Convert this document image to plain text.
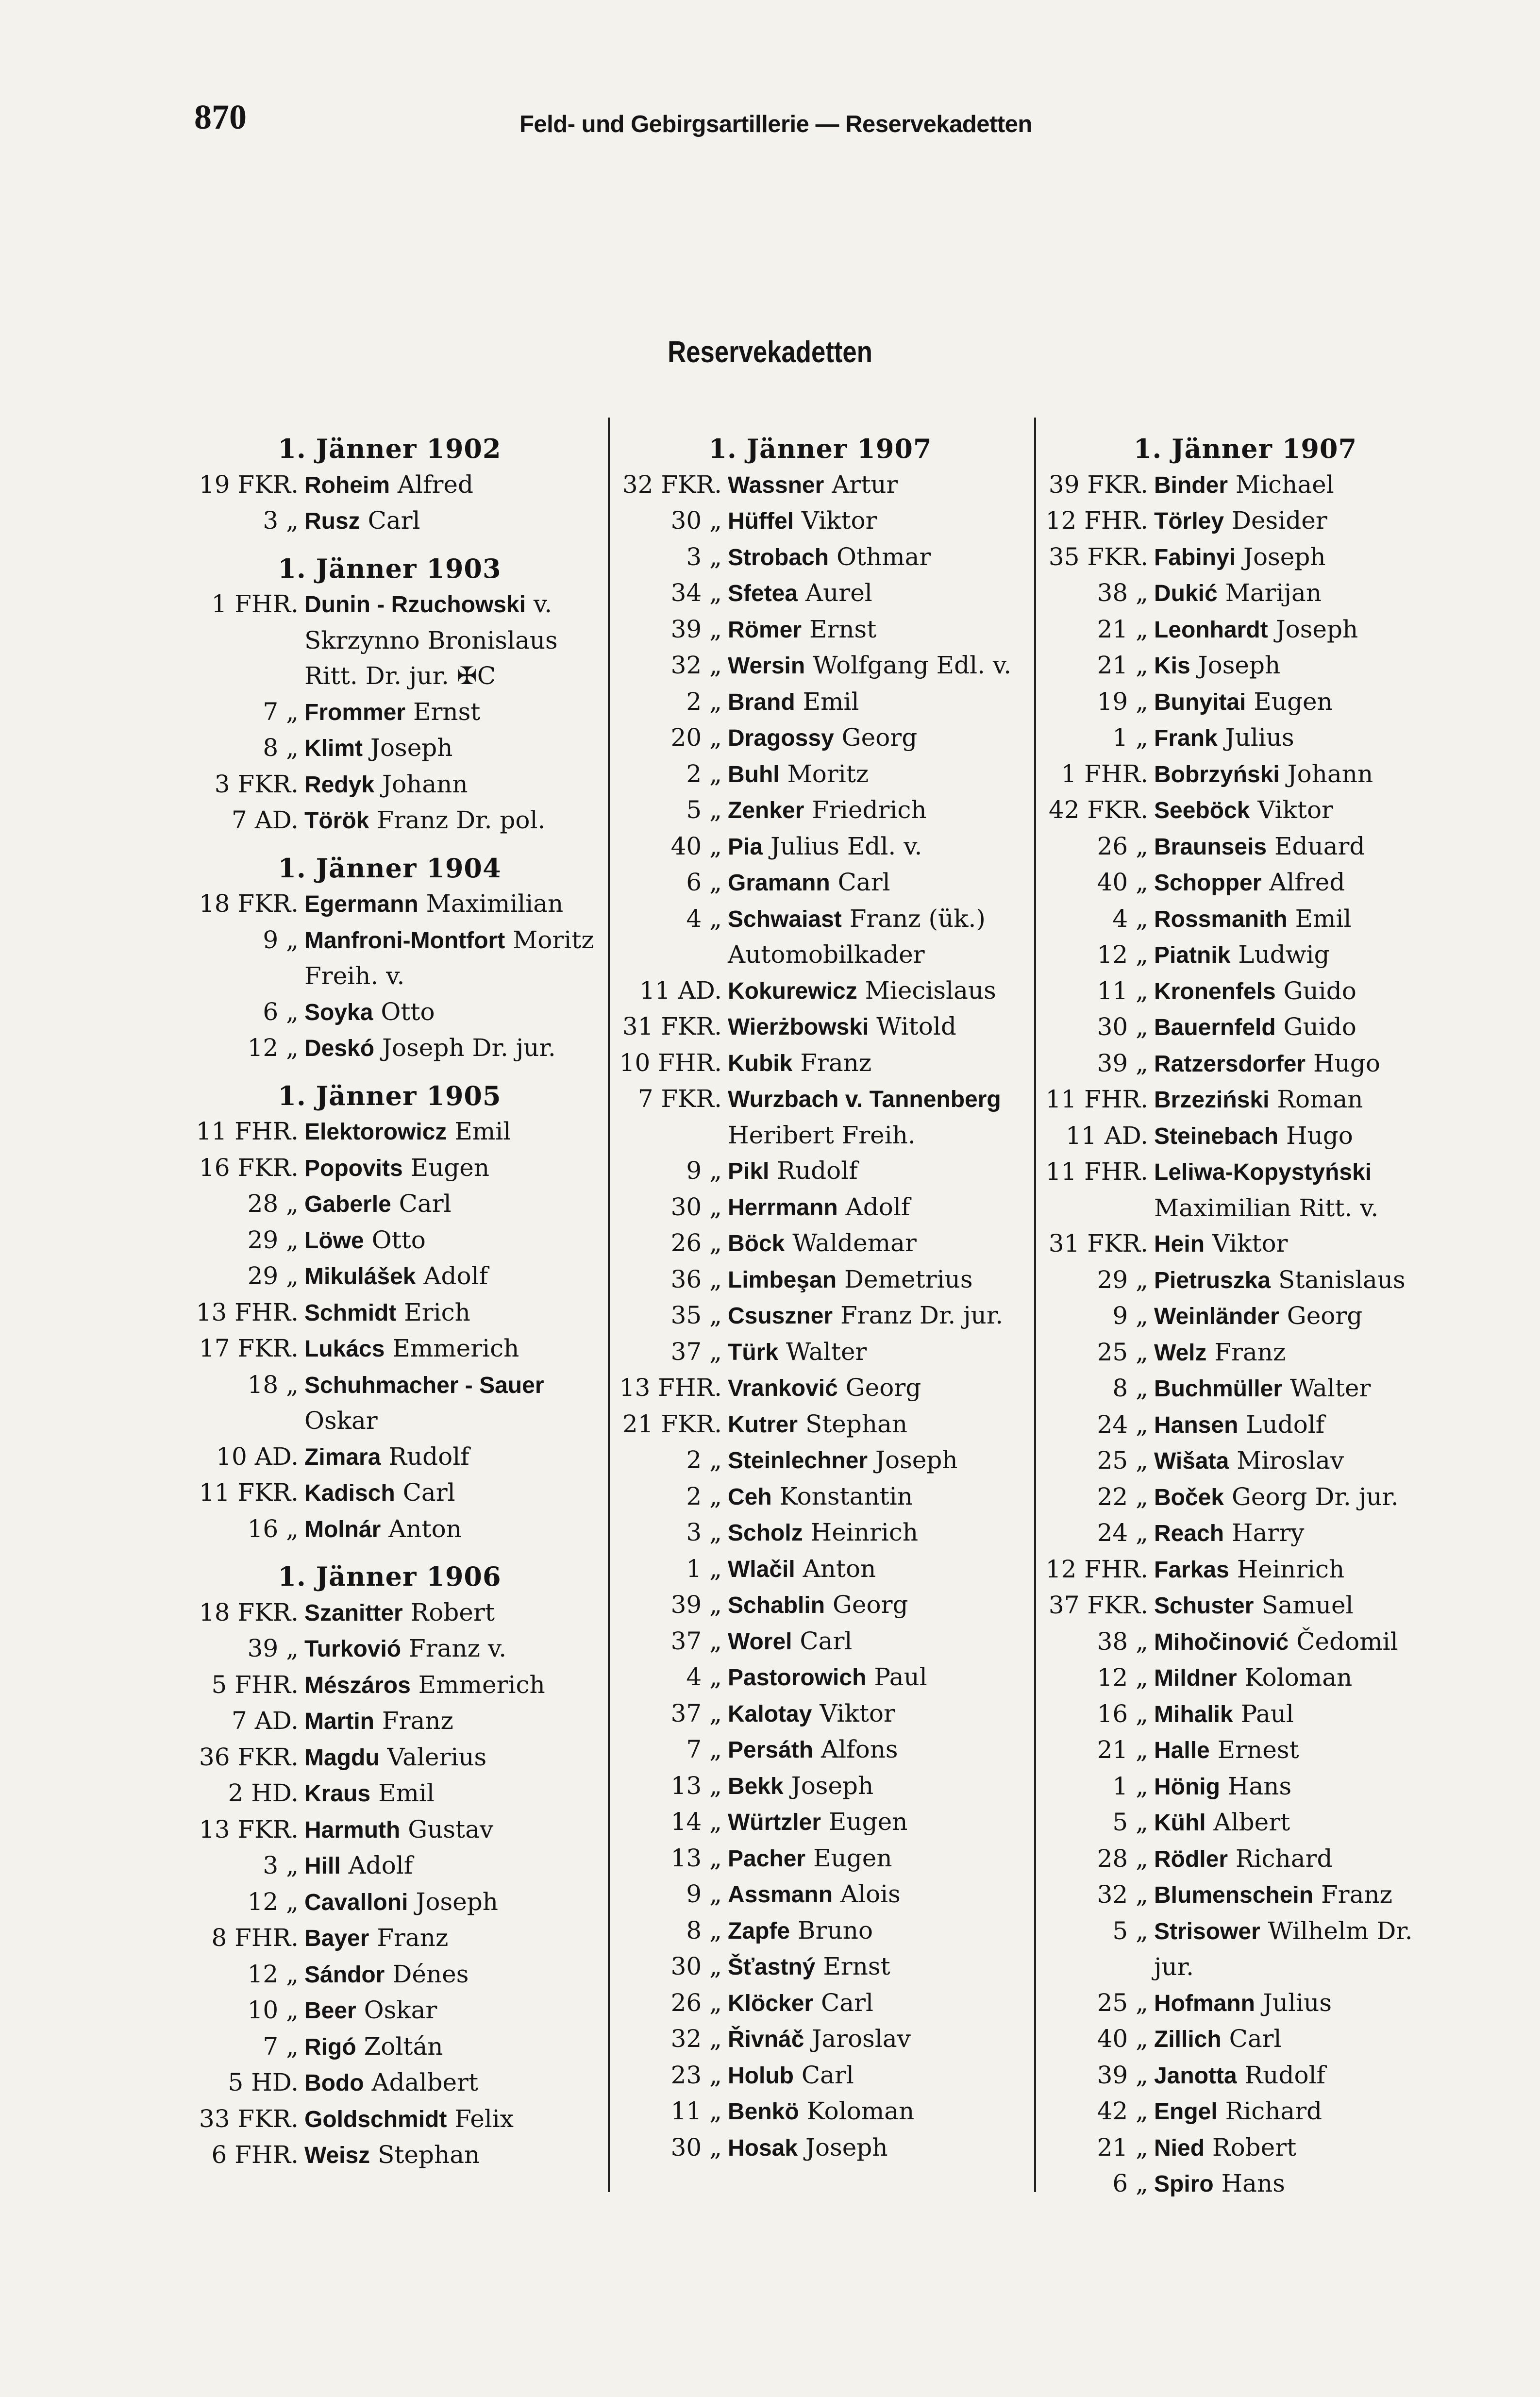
870	Feld- und Gebirgsartillerie — Reservekadetten
Reservekadetten
1. Jänner 1902
19 FKR. Roheim Alfred
3 „ Rusz Carl
1. Jänner 1903
1 FHR. Dunin - Rzuchowski v. Skrzynno Bronislaus Ritt. Dr. jur. ✠C
7 „ Frommer Ernst
8 „ Klimt Joseph
3 FKR. Redyk Johann
7 AD. Török Franz Dr. pol.
1. Jänner 1904
18 FKR. Egermann Maximilian
9 „ Manfroni-Montfort Moritz Freih. v.
6 „ Soyka Otto
12 „ Deskó Joseph Dr. jur.
1. Jänner 1905
11 FHR. Elektorowicz Emil
16 FKR. Popovits Eugen
28 „ Gaberle Carl
29 „ Löwe Otto
29 „ Mikulášek Adolf
13 FHR. Schmidt Erich
17 FKR. Lukács Emmerich
18 „ Schuhmacher - Sauer Oskar
10 AD. Zimara Rudolf
11 FKR. Kadisch Carl
16 „ Molnár Anton
1. Jänner 1906
18 FKR. Szanitter Robert
39 „ Turkovió Franz v.
5 FHR. Mészáros Emmerich
7 AD. Martin Franz
36 FKR. Magdu Valerius
2 HD. Kraus Emil
13 FKR. Harmuth Gustav
3 „ Hill Adolf
12 „ Cavalloni Joseph
8 FHR. Bayer Franz
12 „ Sándor Dénes
10 „ Beer Oskar
7 „ Rigó Zoltán
5 HD. Bodo Adalbert
33 FKR. Goldschmidt Felix
6 FHR. Weisz Stephan
1. Jänner 1907
32 FKR. Wassner Artur
30 „ Hüffel Viktor
3 „ Strobach Othmar
34 „ Sfetea Aurel
39 „ Römer Ernst
32 „ Wersin Wolfgang Edl. v.
2 „ Brand Emil
20 „ Dragossy Georg
2 „ Buhl Moritz
5 „ Zenker Friedrich
40 „ Pia Julius Edl. v.
6 „ Gramann Carl
4 „ Schwaiast Franz (ük.) Automobilkader
11 AD. Kokurewicz Miecislaus
31 FKR. Wierżbowski Witold
10 FHR. Kubik Franz
7 FKR. Wurzbach v. Tannenberg Heribert Freih.
9 „ Pikl Rudolf
30 „ Herrmann Adolf
26 „ Böck Waldemar
36 „ Limbeşan Demetrius
35 „ Csuszner Franz Dr. jur.
37 „ Türk Walter
13 FHR. Vranković Georg
21 FKR. Kutrer Stephan
2 „ Steinlechner Joseph
2 „ Ceh Konstantin
3 „ Scholz Heinrich
1 „ Wlačil Anton
39 „ Schablin Georg
37 „ Worel Carl
4 „ Pastorowich Paul
37 „ Kalotay Viktor
7 „ Persáth Alfons
13 „ Bekk Joseph
14 „ Würtzler Eugen
13 „ Pacher Eugen
9 „ Assmann Alois
8 „ Zapfe Bruno
30 „ Šťastný Ernst
26 „ Klöcker Carl
32 „ Řivnáč Jaroslav
23 „ Holub Carl
11 „ Benkö Koloman
30 „ Hosak Joseph
1. Jänner 1907
39 FKR. Binder Michael
12 FHR. Törley Desider
35 FKR. Fabinyi Joseph
38 „ Dukić Marijan
21 „ Leonhardt Joseph
21 „ Kis Joseph
19 „ Bunyitai Eugen
1 „ Frank Julius
1 FHR. Bobrzyński Johann
42 FKR. Seeböck Viktor
26 „ Braunseis Eduard
40 „ Schopper Alfred
4 „ Rossmanith Emil
12 „ Piatnik Ludwig
11 „ Kronenfels Guido
30 „ Bauernfeld Guido
39 „ Ratzersdorfer Hugo
11 FHR. Brzeziński Roman
11 AD. Steinebach Hugo
11 FHR. Leliwa-Kopystyński Maximilian Ritt. v.
31 FKR. Hein Viktor
29 „ Pietruszka Stanislaus
9 „ Weinländer Georg
25 „ Welz Franz
8 „ Buchmüller Walter
24 „ Hansen Ludolf
25 „ Wišata Miroslav
22 „ Boček Georg Dr. jur.
24 „ Reach Harry
12 FHR. Farkas Heinrich
37 FKR. Schuster Samuel
38 „ Mihočinović Čedomil
12 „ Mildner Koloman
16 „ Mihalik Paul
21 „ Halle Ernest
1 „ Hönig Hans
5 „ Kühl Albert
28 „ Rödler Richard
32 „ Blumenschein Franz
5 „ Strisower Wilhelm Dr. jur.
25 „ Hofmann Julius
40 „ Zillich Carl
39 „ Janotta Rudolf
42 „ Engel Richard
21 „ Nied Robert
6 „ Spiro Hans
